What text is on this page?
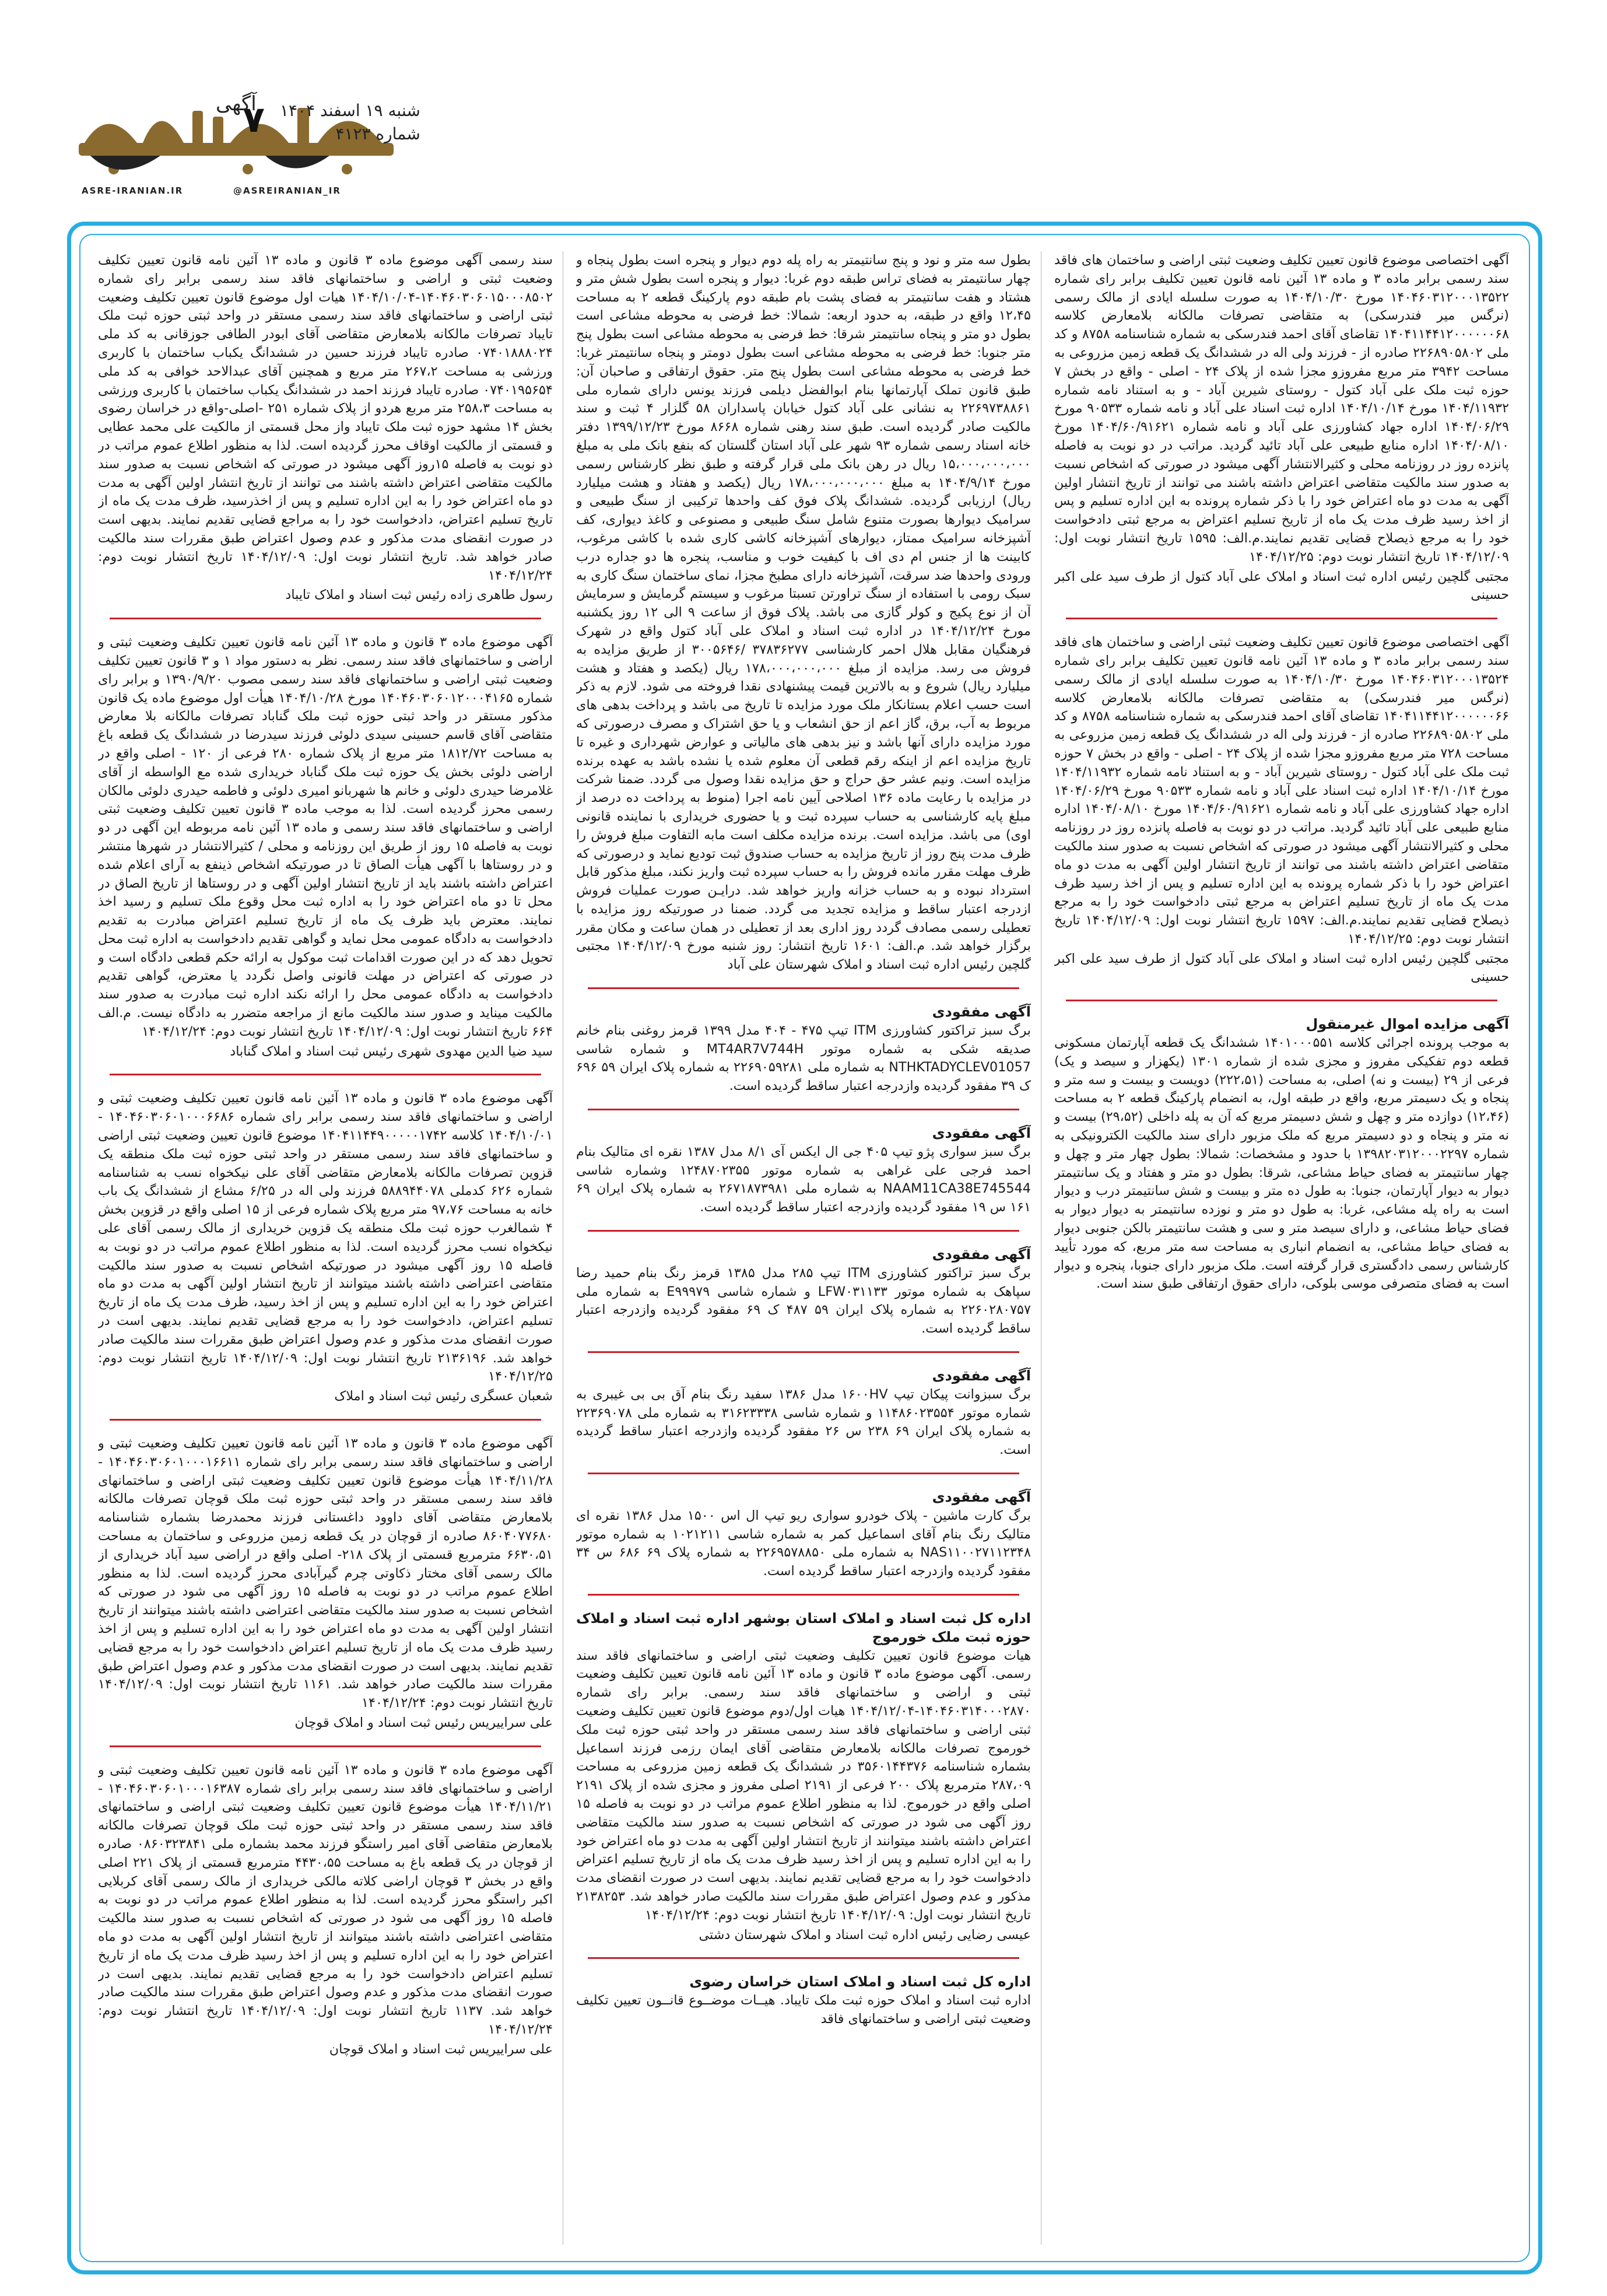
ASRE-IRANIAN.IR	@ASREIRANIAN_IR
۷
آگهی شنبه ۱۹ اسفند ۱۴۰۴
شماره ۴۱۲۳

آگهی اختصاصی موضوع قانون تعیین تکلیف وضعیت ثبتی اراضی و ساختمان های فاقد سند رسمی برابر ماده ۳ و ماده ۱۳ آئین نامه قانون تعیین تکلیف برابر رای شماره ۱۴۰۴۶۰۳۱۲۰۰۰۱۳۵۲۲ مورخ ۱۴۰۴/۱۰/۳۰ به صورت سلسله ایادی از مالک رسمی (نرگس میر فندرسکی) به متقاضی تصرفات مالکانه بلامعارض کلاسه ۱۴۰۴۱۱۴۴۱۲۰۰۰۰۰۰۶۸ تقاضای آقای احمد فندرسکی به شماره شناسنامه ۸۷۵۸ و کد ملی ۲۲۶۸۹۰۵۸۰۲ صادره از - فرزند ولی اله در ششدانگ یک قطعه زمین مزروعی به مساحت ۳۹۴۲ متر مربع مفروزو مجزا شده از پلاک ۲۴ - اصلی - واقع در بخش ۷ حوزه ثبت ملک علی آباد کتول - روستای شیرین آباد - و به استناد نامه شماره ۱۴۰۴/۱۱۹۳۲ مورخ ۱۴۰۴/۱۰/۱۴ اداره ثبت اسناد علی آباد و نامه شماره ۹۰۵۳۳ مورخ ۱۴۰۴/۰۶/۲۹ اداره جهاد کشاورزی علی آباد و نامه شماره ۱۴۰۴/۶۰/۹۱۶۲۱ مورخ ۱۴۰۴/۰۸/۱۰ اداره منابع طبیعی علی آباد تائید گردید. مراتب در دو نوبت به فاصله پانزده روز در روزنامه محلی و کثیرالانتشار آگهی میشود در صورتی که اشخاص نسبت به صدور سند مالکیت متقاضی اعتراض داشته باشند می توانند از تاریخ انتشار اولین آگهی به مدت دو ماه اعتراض خود را با ذکر شماره پرونده به این اداره تسلیم و پس از اخذ رسید ظرف مدت یک ماه از تاریخ تسلیم اعتراض به مرجع ثبتی دادخواست خود را به مرجع ذیصلاح قضایی تقدیم نمایند.م.الف: ۱۵۹۵ تاریخ انتشار نوبت اول: ۱۴۰۴/۱۲/۰۹ تاریخ انتشار نوبت دوم: ۱۴۰۴/۱۲/۲۵

مجتبی گلچین رئیس اداره ثبت اسناد و املاک علی آباد کتول از طرف سید علی اکبر حسینی

آگهی اختصاصی موضوع قانون تعیین تکلیف وضعیت ثبتی اراضی و ساختمان های فاقد سند رسمی برابر ماده ۳ و ماده ۱۳ آئین نامه قانون تعیین تکلیف برابر رای شماره ۱۴۰۴۶۰۳۱۲۰۰۰۱۳۵۲۴ مورخ ۱۴۰۴/۱۰/۳۰ به صورت سلسله ایادی از مالک رسمی (نرگس میر فندرسکی) به متقاضی تصرفات مالکانه بلامعارض کلاسه ۱۴۰۴۱۱۴۴۱۲۰۰۰۰۰۰۶۶ تقاضای آقای احمد فندرسکی به شماره شناسنامه ۸۷۵۸ و کد ملی ۲۲۶۸۹۰۵۸۰۲ صادره از - فرزند ولی اله در ششدانگ یک قطعه زمین مزروعی به مساحت ۷۲۸ متر مربع مفروزو مجزا شده از پلاک ۲۴ - اصلی - واقع در بخش ۷ حوزه ثبت ملک علی آباد کتول - روستای شیرین آباد - و به استناد نامه شماره ۱۴۰۴/۱۱۹۳۲ مورخ ۱۴۰۴/۱۰/۱۴ اداره ثبت اسناد علی آباد و نامه شماره ۹۰۵۳۳ مورخ ۱۴۰۴/۰۶/۲۹ اداره جهاد کشاورزی علی آباد و نامه شماره ۱۴۰۴/۶۰/۹۱۶۲۱ مورخ ۱۴۰۴/۰۸/۱۰ اداره منابع طبیعی علی آباد تائید گردید. مراتب در دو نوبت به فاصله پانزده روز در روزنامه محلی و کثیرالانتشار آگهی میشود در صورتی که اشخاص نسبت به صدور سند مالکیت متقاضی اعتراض داشته باشند می توانند از تاریخ انتشار اولین آگهی به مدت دو ماه اعتراض خود را با ذکر شماره پرونده به این اداره تسلیم و پس از اخذ رسید ظرف مدت یک ماه از تاریخ تسلیم اعتراض به مرجع ثبتی دادخواست خود را به مرجع ذیصلاح قضایی تقدیم نمایند.م.الف: ۱۵۹۷ تاریخ انتشار نوبت اول: ۱۴۰۴/۱۲/۰۹ تاریخ انتشار نوبت دوم: ۱۴۰۴/۱۲/۲۵

مجتبی گلچین رئیس اداره ثبت اسناد و املاک علی آباد کتول از طرف سید علی اکبر حسینی

آگهی مزایده اموال غیرمنقول

به موجب پرونده اجرائی کلاسه ۱۴۰۱۰۰۰۵۵۱ ششدانگ یک قطعه آپارتمان مسکونی قطعه دوم تفکیکی مفروز و مجزی شده از شماره ۱۳۰۱ (یکهزار و سیصد و یک) فرعی از ۲۹ (بیست و نه) اصلی، به مساحت (۲۲۲،۵۱) دویست و بیست و سه متر و پنجاه و یک دسیمتر مربع، واقع در طبقه اول، به انضمام پارکینگ قطعه ۲ به مساحت (۱۲،۴۶) دوازده متر و چهل و شش دسیمتر مربع که آن به پله داخلی (۲۹،۵۲) بیست و نه متر و پنجاه و دو دسیمتر مربع که ملک مزبور دارای سند مالکیت الکترونیکی به شماره ۱۳۹۸۲۰۳۱۲۰۰۰۲۲۹۷ با حدود و مشخصات: شمالا: بطول چهار متر و چهل و چهار سانتیمتر به فضای حیاط مشاعی، شرقا: بطول دو متر و هفتاد و یک سانتیمتر دیوار به دیوار آپارتمان، جنوبا: به طول ده متر و بیست و شش سانتیمتر درب و دیوار است به راه پله مشاعی، غربا: به طول دو متر و نوزده سانتیمتر به دیوار دیوار به فضای حیاط مشاعی، و دارای سیصد متر و سی و هشت سانتیمتر بالکن جنوبی دیوار به فضای حیاط مشاعی، به انضمام انباری به مساحت سه متر مربع، که مورد تأیید کارشناس رسمی دادگستری قرار گرفته است. ملک مزبور دارای جنوبا، پنجره و دیوار است به فضای متصرفی موسی بلوکی، دارای حقوق ارتفاقی طبق سند است.

بطول سه متر و نود و پنج سانتیمتر به راه پله دوم دیوار و پنجره است بطول پنجاه و چهار سانتیمتر به فضای تراس طبقه دوم غربا: دیوار و پنجره است بطول شش متر و هشتاد و هفت سانتیمتر به فضای پشت بام طبقه دوم پارکینگ قطعه ۲ به مساحت ۱۲،۴۵ واقع در طبقه، به حدود اربعه: شمالا: خط فرضی به محوطه مشاعی است بطول دو متر و پنجاه سانتیمتر شرقا: خط فرضی به محوطه مشاعی است بطول پنج متر جنوبا: خط فرضی به محوطه مشاعی است بطول دومتر و پنجاه سانتیمتر غربا: خط فرضی به محوطه مشاعی است بطول پنج متر. حقوق ارتفاقی و صاحبان آن: طبق قانون تملک آپارتمانها بنام ابوالفضل دیلمی فرزند یونس دارای شماره ملی ۲۲۶۹۷۳۸۸۶۱ به نشانی علی آباد کتول خیابان پاسداران ۵۸ گلزار ۴ ثبت و سند مالکیت صادر گردیده است. طبق سند رهنی شماره ۸۶۶۸ مورخ ۱۳۹۹/۱۲/۲۳ دفتر خانه اسناد رسمی شماره ۹۳ شهر علی آباد استان گلستان که بنفع بانک ملی به مبلغ ۱۵،۰۰۰،۰۰۰،۰۰۰ ریال در رهن بانک ملی قرار گرفته و طبق نظر کارشناس رسمی مورخ ۱۴۰۴/۹/۱۴ به مبلغ ۱۷۸،۰۰۰،۰۰۰،۰۰۰ ریال (یکصد و هفتاد و هشت میلیارد ریال) ارزیابی گردیده. ششدانگ پلاک فوق کف واحدها ترکیبی از سنگ طبیعی و سرامیک دیوارها بصورت متنوع شامل سنگ طبیعی و مصنوعی و کاغذ دیواری، کف آشپزخانه سرامیک ممتاز، دیوارهای آشپزخانه کاشی کاری شده با کاشی مرغوب، کابینت ها از جنس ام دی اف با کیفیت خوب و مناسب، پنجره ها دو جداره درب ورودی واحدها ضد سرقت، آشپزخانه دارای مطبخ مجزا، نمای ساختمان سنگ کاری به سبک رومی با استفاده از سنگ تراورتن تسبتا مرغوب و سیستم گرمایش و سرمایش آن از نوع پکیج و کولر گازی می باشد. پلاک فوق از ساعت ۹ الی ۱۲ روز یکشنبه مورخ ۱۴۰۴/۱۲/۲۴ در اداره ثبت اسناد و املاک علی آباد کتول واقع در شهرک فرهنگیان مقابل هلال احمر کارشناسی ۳۷۸۳۶۲۷۷ /۳۰۰۵۶۴۶ از طریق مزایده به فروش می رسد. مزایده از مبلغ ۱۷۸،۰۰۰،۰۰۰،۰۰۰ ریال (یکصد و هفتاد و هشت میلیارد ریال) شروع و به بالاترین قیمت پیشنهادی نقدا فروخته می شود. لازم به ذکر است حسب اعلام بستانکار ملک مورد مزایده تا تاریخ می باشد و پرداخت بدهی های مربوط به آب، برق، گاز اعم از حق انشعاب و یا حق اشتراک و مصرف درصورتی که مورد مزایده دارای آنها باشد و نیز بدهی های مالیاتی و عوارض شهرداری و غیره تا تاریخ مزایده اعم از اینکه رقم قطعی آن معلوم شده یا نشده باشد به عهده برنده مزایده است. ونیم عشر حق حراج و حق مزایده نقدا وصول می گردد. ضمنا شرکت در مزایده با رعایت ماده ۱۳۶ اصلاحی آیین نامه اجرا (منوط به پرداخت ده درصد از مبلغ پایه کارشناسی به حساب سپرده ثبت و یا حضوری خریداری با نماینده قانونی اوی) می باشد. مزایده است. برنده مزایده مکلف است مابه التفاوت مبلغ فروش را ظرف مدت پنج روز از تاریخ مزایده به حساب صندوق ثبت تودیع نماید و درصورتی که ظرف مهلت مقرر مانده فروش را به حساب سپرده ثبت واریز نکند، مبلغ مذکور قابل استرداد نبوده و به حساب خزانه واریز خواهد شد. درایـن صورت عملیات فروش ازدرجه اعتبار ساقط و مزایده تجدید می گردد. ضمنا در صورتیکه روز مزایده با تعطیلی رسمی مصادف گردد روز اداری بعد از تعطیلی در همان ساعت و مکان مقرر برگزار خواهد شد. م.الف: ۱۶۰۱ تاریخ انتشار: روز شنبه مورخ ۱۴۰۴/۱۲/۰۹ مجتبی گلچین رئیس اداره ثبت اسناد و املاک شهرستان علی آباد

آگهی مفقودی

برگ سبز تراکتور کشاورزی ITM تیپ ۴۷۵ - ۴۰۴ مدل ۱۳۹۹ قرمز روغنی بنام خانم صدیقه شکی به شماره موتور MT4AR7V744H و شماره شاسی NTHKTADYCLEV01057 به شماره ملی ۲۲۶۹۰۵۹۲۸۱ به شماره پلاک ایران ۵۹ ۶۹۶ ک ۳۹ مفقود گردیده وازدرجه اعتبار ساقط گردیده است.

آگهی مفقودی

برگ سبز سواری پژو تیپ ۴۰۵ جی ال ایکس آی ۸/۱ مدل ۱۳۸۷ نقره ای متالیک بنام احمد فرجی علی غراهی به شماره موتور ۱۲۴۸۷۰۲۳۵۵ وشماره شاسی NAAM11CA38E745544 به شماره ملی ۲۶۷۱۸۷۳۹۸۱ به شماره پلاک ایران ۶۹ ۱۶۱ س ۱۹ مفقود گردیده وازدرجه اعتبار ساقط گردیده است.

آگهی مفقودی

برگ سبز تراکتور کشاورزی ITM تیپ ۲۸۵ مدل ۱۳۸۵ قرمز رنگ بنام حمید رضا سپاهک به شماره موتور LFW۰۳۱۱۳۳ و شماره شاسی E۹۹۹۷۹ به شماره ملی ۲۲۶۰۲۸۰۷۵۷ به شماره پلاک ایران ۵۹ ۴۸۷ ک ۶۹ مفقود گردیده وازدرجه اعتبار ساقط گردیده است.

آگهی مفقودی

برگ سبزوانت پیکان تیپ ۱۶۰۰HV مدل ۱۳۸۶ سفید رنگ بنام آق بی بی غیبری به شماره موتور ۱۱۴۸۶۰۲۳۵۵۴ و شماره شاسی ۳۱۶۲۳۳۳۸ به شماره ملی ۲۲۳۶۹۰۷۸ به شماره پلاک ایران ۶۹ ۲۳۸ س ۲۶ مفقود گردیده وازدرجه اعتبار ساقط گردیده است.

آگهی مفقودی

برگ کارت ماشین - پلاک خودرو سواری ریو تیپ ال اس ۱۵۰۰ مدل ۱۳۸۶ نقره ای متالیک رنگ بنام آقای اسماعیل کمر به شماره شاسی ۱۰۲۱۲۱۱ به شماره موتور NAS۱۱۰۰۲۷۱۱۲۳۴۸ به شماره ملی ۲۲۶۹۵۷۸۸۵۰ به شماره پلاک ۶۹ ۶۸۶ س ۳۴ مفقود گردیده وازدرجه اعتبار ساقط گردیده است.

اداره کل ثبت اسناد و املاک استان بوشهر اداره ثبت اسناد و املاک حوزه ثبت ملک خورموج

هیات موضوع قانون تعیین تکلیف وضعیت ثبتی اراضی و ساختمانهای فاقد سند رسمی. آگهی موضوع ماده ۳ قانون و ماده ۱۳ آئین نامه قانون تعیین تکلیف وضعیت ثبتی و اراضی و ساختمانهای فاقد سند رسمی. برابر رای شماره ۱۴۰۴۶۰۳۱۴۰۰۰۲۸۷۰-۱۴۰۴/۱۲/۰۴ هیات اول/دوم موضوع قانون تعیین تکلیف وضعیت ثبتی اراضی و ساختمانهای فاقد سند رسمی مستقر در واحد ثبتی حوزه ثبت ملک خورموج تصرفات مالکانه بلامعارض متقاضی آقای ایمان رزمی فرزند اسماعیل بشماره شناسنامه ۳۵۶۰۱۴۴۳۷۶ در ششدانگ یک قطعه زمین مزروعی به مساحت ۲۸۷،۰۹ مترمربع پلاک ۲۰۰ فرعی از ۲۱۹۱ اصلی مفروز و مجزی شده از پلاک ۲۱۹۱ اصلی واقع در خورموج. لذا به منظور اطلاع عموم مراتب در دو نوبت به فاصله ۱۵ روز آگهی می شود در صورتی که اشخاص نسبت به صدور سند مالکیت متقاضی اعتراض داشته باشند میتوانند از تاریخ انتشار اولین آگهی به مدت دو ماه اعتراض خود را به این اداره تسلیم و پس از اخذ رسید ظرف مدت یک ماه از تاریخ تسلیم اعتراض دادخواست خود را به مرجع قضایی تقدیم نمایند. بدیهی است در صورت انقضای مدت مذکور و عدم وصول اعتراض طبق مقررات سند مالکیت صادر خواهد شد. ۲۱۳۸۲۵۳ تاریخ انتشار نوبت اول: ۱۴۰۴/۱۲/۰۹ تاریخ انتشار نوبت دوم: ۱۴۰۴/۱۲/۲۴

عیسی رضایی رئیس اداره ثبت اسناد و املاک شهرستان دشتی

اداره کل ثبت اسناد و املاک استان خراسان رضوی

اداره ثبت اسناد و املاک حوزه ثبت ملک تایباد. هیــات موضــوع قانــون تعیین تکلیف وضعیت ثبتی اراضی و ساختمانهای فاقد

سند رسمی آگهی موضوع ماده ۳ قانون و ماده ۱۳ آئین نامه قانون تعیین تکلیف وضعیت ثبتی و اراضی و ساختمانهای فاقد سند رسمی برابر رای شماره ۱۴۰۴۶۰۳۰۶۰۱۵۰۰۰۸۵۰۲-۱۴۰۴/۱۰/۰۴ هیات اول موضوع قانون تعیین تکلیف وضعیت ثبتی اراضی و ساختمانهای فاقد سند رسمی مستقر در واحد ثبتی حوزه ثبت ملک تایباد تصرفات مالکانه بلامعارض متقاضی آقای ابودر الطافی جوزقانی به کد ملی ۰۷۴۰۱۸۸۸۰۲۴ صادره تایباد فرزند حسین در ششدانگ یکباب ساختمان با کاربری ورزشی به مساحت ۲۶۷،۲ متر مربع و همچنین آقای عبدالاحد خوافی به کد ملی ۰۷۴۰۱۹۵۶۵۴ صادره تایباد فرزند احمد در ششدانگ یکباب ساختمان با کاربری ورزشی به مساحت ۲۵۸،۳ متر مربع هردو از پلاک شماره ۲۵۱ -اصلی-واقع در خراسان رضوی بخش ۱۴ مشهد حوزه ثبت ملک تایباد واز محل قسمتی از مالکیت علی محمد عطایی و قسمتی از مالکیت اوقاف محرز گردیده است. لذا به منظور اطلاع عموم مراتب در دو نوبت به فاصله ۱۵روز آگهی میشود در صورتی که اشخاص نسبت به صدور سند مالکیت متقاضی اعتراض داشته باشند می توانند از تاریخ انتشار اولین آگهی به مدت دو ماه اعتراض خود را به این اداره تسلیم و پس از اخذرسید، ظرف مدت یک ماه از تاریخ تسلیم اعتراض، دادخواست خود را به مراجع قضایی تقدیم نمایند. بدیهی است در صورت انقضای مدت مذکور و عدم وصول اعتراض طبق مقررات سند مالکیت صادر خواهد شد. تاریخ انتشار نوبت اول: ۱۴۰۴/۱۲/۰۹ تاریخ انتشار نوبت دوم: ۱۴۰۴/۱۲/۲۴

رسول طاهری زاده رئیس ثبت اسناد و املاک تایباد

آگهی موضوع ماده ۳ قانون و ماده ۱۳ آئین نامه قانون تعیین تکلیف وضعیت ثبتی و اراضی و ساختمانهای فاقد سند رسمی. نظر به دستور مواد ۱ و ۳ قانون تعیین تکلیف وضعیت ثبتی اراضی و ساختمانهای فاقد سند رسمی مصوب ۱۳۹۰/۹/۲۰ و برابر رای شماره ۱۴۰۴۶۰۳۰۶۰۱۲۰۰۰۴۱۶۵ مورخ ۱۴۰۴/۱۰/۲۸ هیأت اول موضوع ماده یک قانون مذکور مستقر در واحد ثبتی حوزه ثبت ملک گناباد تصرفات مالکانه بلا معارض متقاضی آقای قاسم حسینی سیدی دلوئی فرزند سیدرضا در ششدانگ یک قطعه باغ به مساحت ۱۸۱۲/۷۲ متر مربع از پلاک شماره ۲۸۰ فرعی از ۱۲۰ - اصلی واقع در اراضی دلوئی بخش یک حوزه ثبت ملک گناباد خریداری شده مع الواسطه از آقای غلامرضا حیدری دلوئی و خانم ها شهربانو امیری دلوئی و فاطمه حیدری دلوئی مالکان رسمی محرز گردیده است. لذا به موجب ماده ۳ قانون تعیین تکلیف وضعیت ثبتی اراضی و ساختمانهای فاقد سند رسمی و ماده ۱۳ آئین نامه مربوطه این آگهی در دو نوبت به فاصله ۱۵ روز از طریق این روزنامه و محلی / کثیرالانتشار در شهرها منتشر و در روستاها با آگهی هیأت الصاق تا در صورتیکه اشخاص ذینفع به آرای اعلام شده اعتراض داشته باشند باید از تاریخ انتشار اولین آگهی و در روستاها از تاریخ الصاق در محل تا دو ماه اعتراض خود را به اداره ثبت محل وقوع ملک تسلیم و رسید اخذ نمایند. معترض باید ظرف یک ماه از تاریخ تسلیم اعتراض مبادرت به تقدیم دادخواست به دادگاه عمومی محل نماید و گواهی تقدیم دادخواست به اداره ثبت محل تحویل دهد که در این صورت اقدامات ثبت موکول به ارائه حکم قطعی دادگاه است و در صورتی که اعتراض در مهلت قانونی واصل نگردد یا معترض، گواهی تقدیم دادخواست به دادگاه عمومی محل را ارائه نکند اداره ثبت مبادرت به صدور سند مالکیت میناید و صدور سند مالکیت مانع از مراجعه متضرر به دادگاه نیست. م.الف ۶۶۴ تاریخ انتشار نوبت اول: ۱۴۰۴/۱۲/۰۹ تاریخ انتشار نوبت دوم: ۱۴۰۴/۱۲/۲۴

سید ضیا الدین مهدوی شهری رئیس ثبت اسناد و املاک گناباد

آگهی موضوع ماده ۳ قانون و ماده ۱۳ آئین نامه قانون تعیین تکلیف وضعیت ثبتی و اراضی و ساختمانهای فاقد سند رسمی برابر رای شماره ۱۴۰۴۶۰۳۰۶۰۱۰۰۰۶۶۸۶ - ۱۴۰۴/۱۰/۰۱ کلاسه ۱۴۰۴۱۱۴۴۹۰۰۰۰۰۱۷۴۲ موضوع قانون تعیین وضعیت ثبتی اراضی و ساختمانهای فاقد سند رسمی مستقر در واحد ثبتی حوزه ثبت ملک منطقه یک قزوین تصرفات مالکانه بلامعارض متقاضی آقای علی نیکخواه نسب به شناسنامه شماره ۶۲۶ کدملی ۵۸۸۹۴۴۰۷۸ فرزند ولی اله در ۶/۲۵ مشاع از ششدانگ یک باب خانه به مساحت ۹۷،۷۶ متر مربع پلاک شماره فرعی از ۱۵ اصلی واقع در قزوین بخش ۴ شمالغرب حوزه ثبت ملک منطقه یک قزوین خریداری از مالک رسمی آقای علی نیکخواه نسب محرز گردیده است. لذا به منظور اطلاع عموم مراتب در دو نوبت به فاصله ۱۵ روز آگهی میشود در صورتیکه اشخاص نسبت به صدور سند مالکیت متقاضی اعتراضی داشته باشند میتوانند از تاریخ انتشار اولین آگهی به مدت دو ماه اعتراض خود را به این اداره تسلیم و پس از اخذ رسید، ظرف مدت یک ماه از تاریخ تسلیم اعتراض، دادخواست خود را به مرجع قضایی تقدیم نمایند. بدیهی است در صورت انقضای مدت مذکور و عدم وصول اعتراض طبق مقررات سند مالکیت صادر خواهد شد. ۲۱۳۶۱۹۶ تاریخ انتشار نوبت اول: ۱۴۰۴/۱۲/۰۹ تاریخ انتشار نوبت دوم: ۱۴۰۴/۱۲/۲۵

شعبان عسگری رئیس ثبت اسناد و املاک

آگهی موضوع ماده ۳ قانون و ماده ۱۳ آئین نامه قانون تعیین تکلیف وضعیت ثبتی و اراضی و ساختمانهای فاقد سند رسمی برابر رای شماره ۱۴۰۴۶۰۳۰۶۰۱۰۰۰۱۶۶۱۱ - ۱۴۰۴/۱۱/۲۸ هیأت موضوع قانون تعیین تکلیف وضعیت ثبتی اراضی و ساختمانهای فاقد سند رسمی مستقر در واحد ثبتی حوزه ثبت ملک قوچان تصرفات مالکانه بلامعارض متقاضی آقای داوود داغستانی فرزند محمدرضا بشماره شناسنامه ۸۶۰۴۰۷۷۶۸۰ صادره از قوچان در یک قطعه زمین مزروعی و ساختمان به مساحت ۶۶۳۰،۵۱ مترمربع قسمتی از پلاک ۲۱۸- اصلی واقع در اراضی سید آباد خریداری از مالک رسمی آقای مختار ذکاوتی چرم گیرآبادی محرز گردیده است. لذا به منظور اطلاع عموم مراتب در دو نوبت به فاصله ۱۵ روز آگهی می شود در صورتی که اشخاص نسبت به صدور سند مالکیت متقاضی اعتراضی داشته باشند میتوانند از تاریخ انتشار اولین آگهی به مدت دو ماه اعتراض خود را به این اداره تسلیم و پس از اخذ رسید ظرف مدت یک ماه از تاریخ تسلیم اعتراض دادخواست خود را به مرجع قضایی تقدیم نمایند. بدیهی است در صورت انقضای مدت مذکور و عدم وصول اعتراض طبق مقررات سند مالکیت صادر خواهد شد. ۱۱۶۱ تاریخ انتشار نوبت اول: ۱۴۰۴/۱۲/۰۹ تاریخ انتشار نوبت دوم: ۱۴۰۴/۱۲/۲۴

علی سراییریس رئیس ثبت اسناد و املاک قوچان

آگهی موضوع ماده ۳ قانون و ماده ۱۳ آئین نامه قانون تعیین تکلیف وضعیت ثبتی و اراضی و ساختمانهای فاقد سند رسمی برابر رای شماره ۱۴۰۴۶۰۳۰۶۰۱۰۰۰۱۶۳۸۷ - ۱۴۰۴/۱۱/۲۱ هیأت موضوع قانون تعیین تکلیف وضعیت ثبتی اراضی و ساختمانهای فاقد سند رسمی مستقر در واحد ثبتی حوزه ثبت ملک قوچان تصرفات مالکانه بلامعارض متقاضی آقای امیر راستگو فرزند محمد بشماره ملی ۰۸۶۰۳۲۳۸۴۱ صادره از قوچان در یک قطعه باغ به مساحت ۴۴۳۰،۵۵ مترمربع قسمتی از پلاک ۲۲۱ اصلی واقع در بخش ۳ قوچان اراضی کلاته مالکی خریداری از مالک رسمی آقای کربلایی اکبر راستگو محرز گردیده است. لذا به منظور اطلاع عموم مراتب در دو نوبت به فاصله ۱۵ روز آگهی می شود در صورتی که اشخاص نسبت به صدور سند مالکیت متقاضی اعتراضی داشته باشند میتوانند از تاریخ انتشار اولین آگهی به مدت دو ماه اعتراض خود را به این اداره تسلیم و پس از اخذ رسید ظرف مدت یک ماه از تاریخ تسلیم اعتراض دادخواست خود را به مرجع قضایی تقدیم نمایند. بدیهی است در صورت انقضای مدت مذکور و عدم وصول اعتراض طبق مقررات سند مالکیت صادر خواهد شد. ۱۱۳۷ تاریخ انتشار نوبت اول: ۱۴۰۴/۱۲/۰۹ تاریخ انتشار نوبت دوم: ۱۴۰۴/۱۲/۲۴

علی سراییریس ثبت اسناد و املاک قوچان
